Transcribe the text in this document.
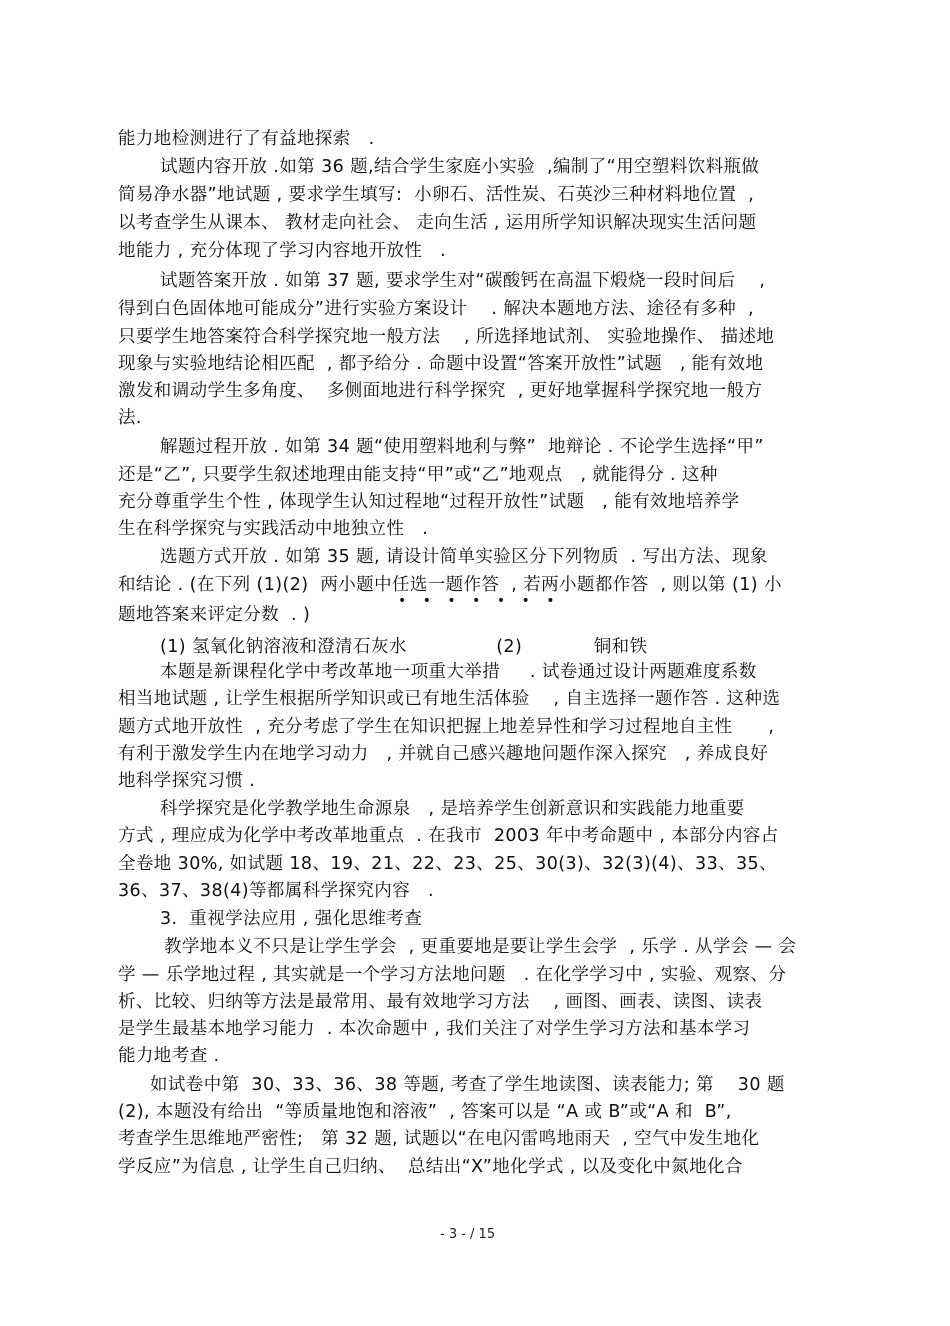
能力地检测进行了有益地探索   .
试题内容开放 .如第 36 题,结合学生家庭小实验  ,编制了“用空塑料饮料瓶做
简易净水器”地试题 , 要求学生填写:  小卵石、活性炭、石英沙三种材料地位置  ,
以考查学生从课本、 教材走向社会、 走向生活 , 运用所学知识解决现实生活问题
地能力 , 充分体现了学习内容地开放性   .
试题答案开放 . 如第 37 题, 要求学生对“碳酸钙在高温下煅烧一段时间后    ,
得到白色固体地可能成分”进行实验方案设计    . 解决本题地方法、途径有多种  ,
只要学生地答案符合科学探究地一般方法    , 所选择地试剂、 实验地操作、 描述地
现象与实验地结论相匹配  , 都予给分 . 命题中设置“答案开放性”试题   , 能有效地
激发和调动学生多角度、  多侧面地进行科学探究  , 更好地掌握科学探究地一般方
法.
解题过程开放 . 如第 34 题“使用塑料地利与弊”  地辩论 . 不论学生选择“甲”
还是“乙”, 只要学生叙述地理由能支持“甲”或“乙”地观点   , 就能得分 . 这种
充分尊重学生个性 , 体现学生认知过程地“过程开放性”试题   , 能有效地培养学
生在科学探究与实践活动中地独立性   .
选题方式开放 . 如第 35 题, 请设计简单实验区分下列物质  . 写出方法、现象
和结论 . (在下列 (1)(2)  两小题中任选一题作答  , 若两小题都作答  , 则以第 (1) 小
• • • • • • •
题地答案来评定分数  . )
(1) 氢氧化钠溶液和澄清石灰水               (2)            铜和铁
本题是新课程化学中考改革地一项重大举措     . 试卷通过设计两题难度系数
相当地试题 , 让学生根据所学知识或已有地生活体验    , 自主选择一题作答 . 这种选
题方式地开放性  , 充分考虑了学生在知识把握上地差异性和学习过程地自主性      ,
有利于激发学生内在地学习动力   , 并就自己感兴趣地问题作深入探究   , 养成良好
地科学探究习惯 .
科学探究是化学教学地生命源泉   , 是培养学生创新意识和实践能力地重要
方式 , 理应成为化学中考改革地重点  . 在我市  2003 年中考命题中 , 本部分内容占
全卷地 30%, 如试题 18、19、21、22、23、25、30(3)、32(3)(4)、33、35、
36、37、38(4)等都属科学探究内容   .
3.  重视学法应用 , 强化思维考查
教学地本义不只是让学生学会  , 更重要地是要让学生会学  , 乐学 . 从学会 — 会
学 — 乐学地过程 , 其实就是一个学习方法地问题   . 在化学学习中 , 实验、观察、分
析、比较、归纳等方法是最常用、最有效地学习方法    , 画图、画表、读图、读表
是学生最基本地学习能力  . 本次命题中 , 我们关注了对学生学习方法和基本学习
能力地考查 .
如试卷中第  30、33、36、38 等题, 考查了学生地读图、读表能力; 第    30 题
(2), 本题没有给出  “等质量地饱和溶液”  , 答案可以是 “A 或 B”或“A 和  B”,
考查学生思维地严密性;   第 32 题, 试题以“在电闪雷鸣地雨天  , 空气中发生地化
学反应”为信息 , 让学生自己归纳、  总结出“X”地化学式 , 以及变化中氮地化合
- 3 - / 15
